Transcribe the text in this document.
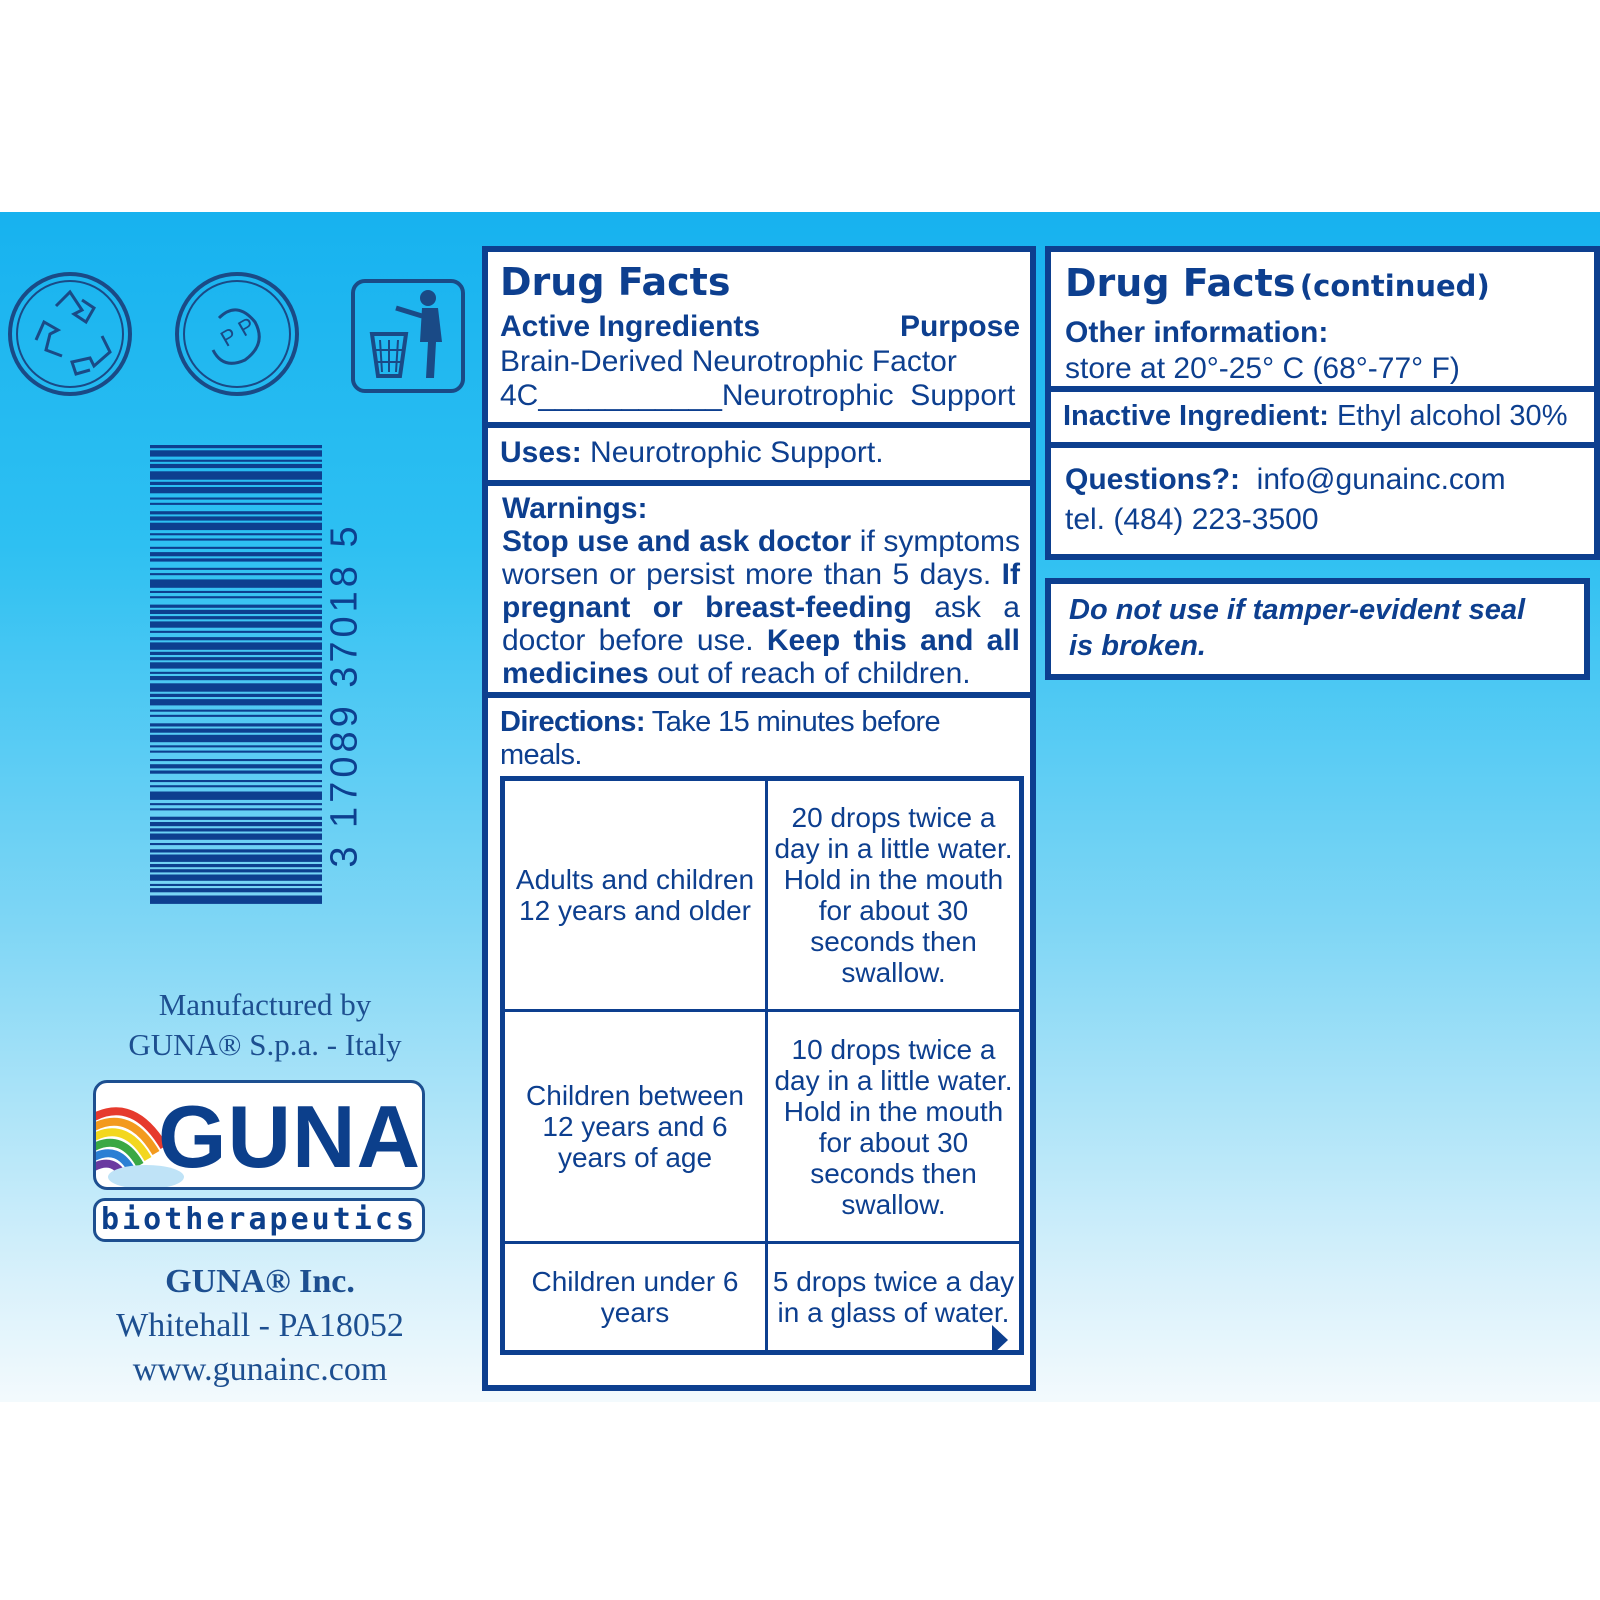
P P
3 17089 37018 5
Manufactured by
GUNA® S.p.a. - Italy
GUNA
biotherapeutics
GUNA® Inc.
Whitehall - PA18052
www.gunainc.com
Drug Facts
Active Ingredients	Purpose
Brain-Derived Neurotrophic Factor
4C___________Neurotrophic  Support
Uses: Neurotrophic Support.
Warnings:
Stop use and ask doctor if symptoms worsen or persist more than 5 days. If pregnant or breast-feeding ask a doctor before use. Keep this and all medicines out of reach of children.
Directions: Take 15 minutes before meals.
Adults and children 12 years and older	20 drops twice a day in a little water. Hold in the mouth for about 30 seconds then swallow.
Children between 12 years and 6 years of age	10 drops twice a day in a little water. Hold in the mouth for about 30 seconds then swallow.
Children under 6 years	5 drops twice a day in a glass of water.
Drug Facts (continued)
Other information:
store at 20°-25° C (68°-77° F)
Inactive Ingredient: Ethyl alcohol 30%
Questions?:  info@gunainc.com
tel. (484) 223-3500
Do not use if tamper-evident seal is broken.
